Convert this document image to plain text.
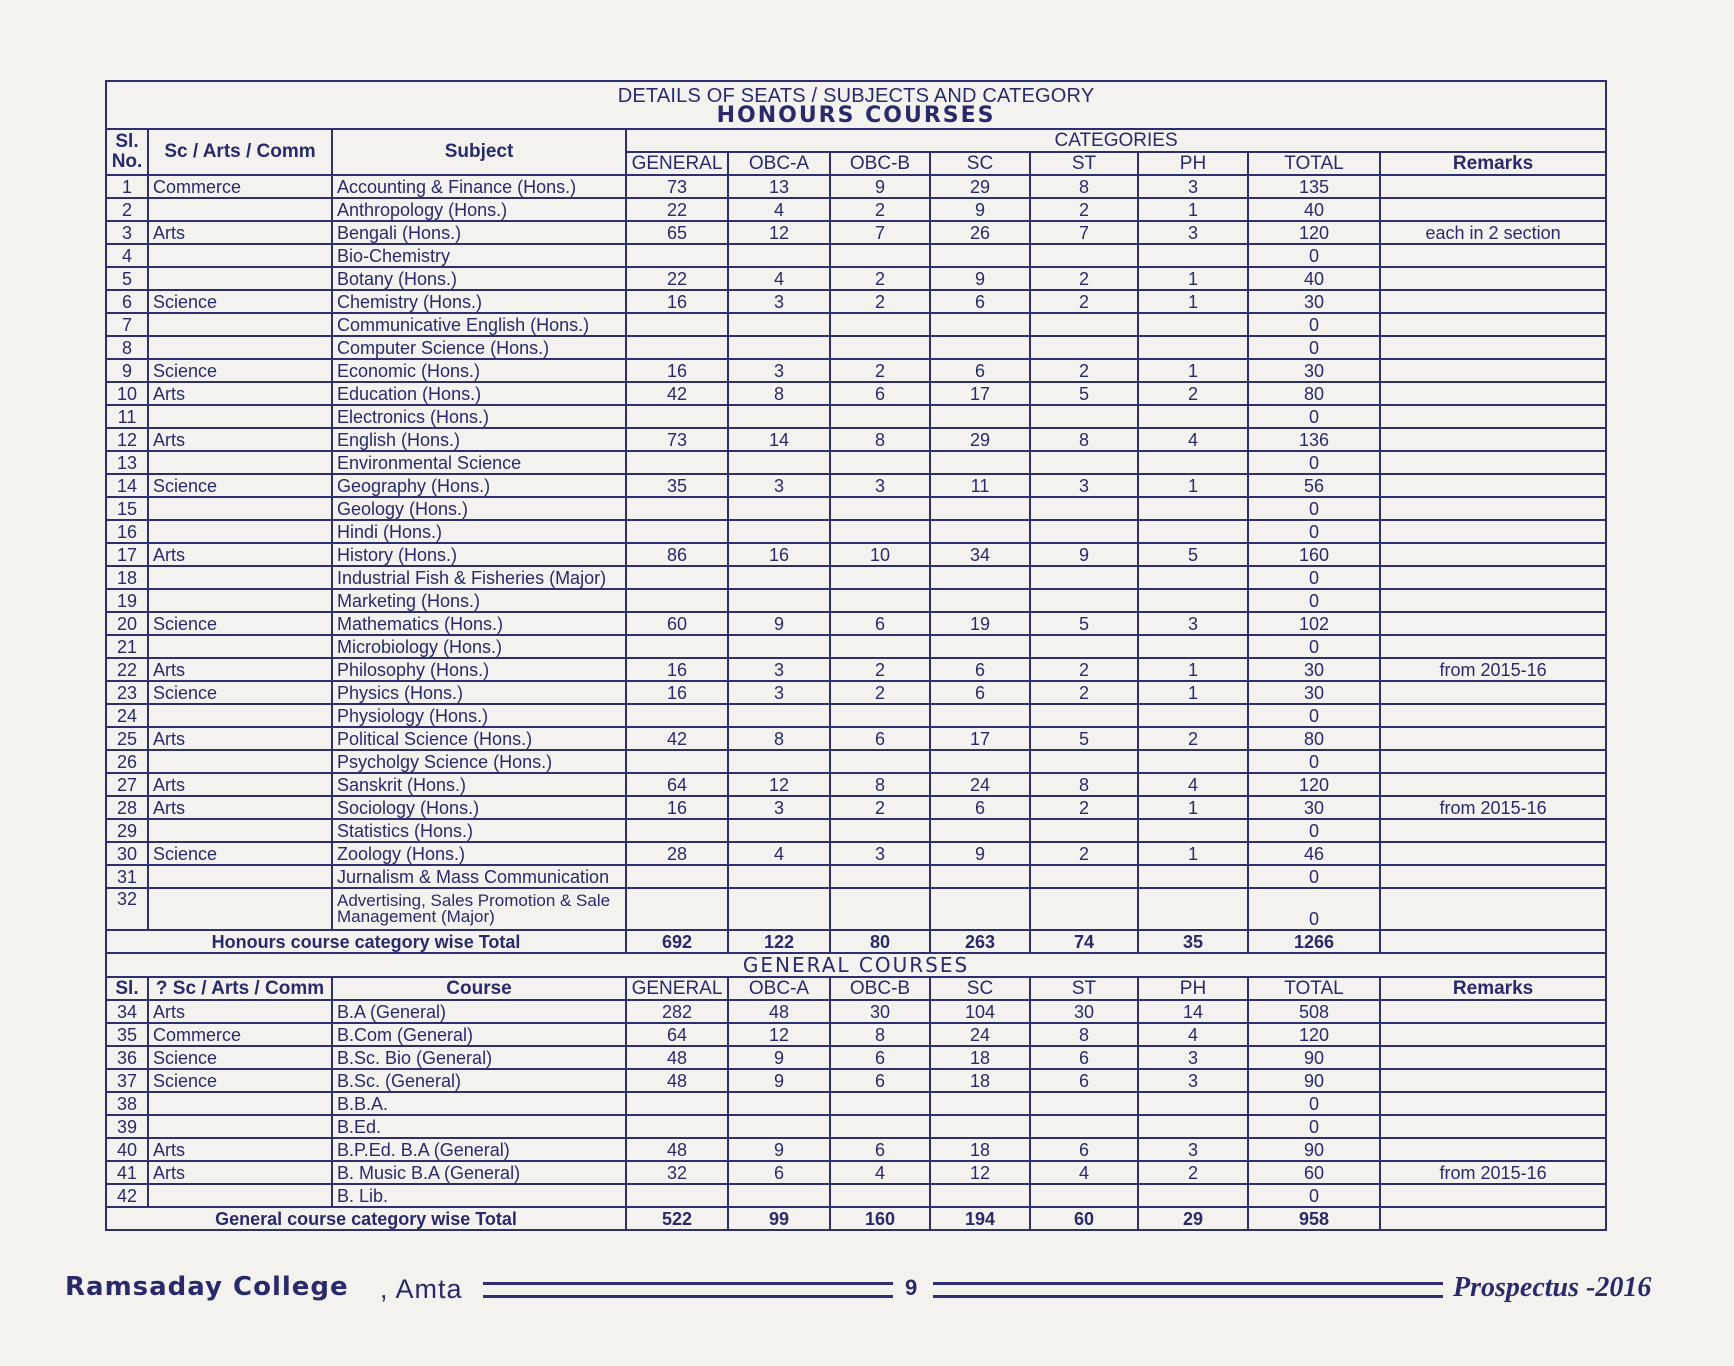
DETAILS OF SEATS / SUBJECTS AND CATEGORY
HONOURS COURSES										

Sl. No.	Sc / Arts / Comm	Subject	CATEGORIES							
			GENERAL	OBC-A	OBC-B	SC	ST	PH	TOTAL	Remarks
1	Commerce	Accounting & Finance (Hons.)	73	13	9	29	8	3	135	
2		Anthropology (Hons.)	22	4	2	9	2	1	40	
3	Arts	Bengali (Hons.)	65	12	7	26	7	3	120	each in 2 section
4		Bio-Chemistry							0	
5		Botany (Hons.)	22	4	2	9	2	1	40	
6	Science	Chemistry (Hons.)	16	3	2	6	2	1	30	
7		Communicative English (Hons.)							0	
8		Computer Science (Hons.)							0	
9	Science	Economic (Hons.)	16	3	2	6	2	1	30	
10	Arts	Education (Hons.)	42	8	6	17	5	2	80	
11		Electronics (Hons.)							0	
12	Arts	English (Hons.)	73	14	8	29	8	4	136	
13		Environmental Science							0	
14	Science	Geography (Hons.)	35	3	3	11	3	1	56	
15		Geology (Hons.)							0	
16		Hindi (Hons.)							0	
17	Arts	History (Hons.)	86	16	10	34	9	5	160	
18		Industrial Fish & Fisheries (Major)							0	
19		Marketing (Hons.)							0	
20	Science	Mathematics (Hons.)	60	9	6	19	5	3	102	
21		Microbiology (Hons.)							0	
22	Arts	Philosophy (Hons.)	16	3	2	6	2	1	30	from 2015-16
23	Science	Physics (Hons.)	16	3	2	6	2	1	30	
24		Physiology (Hons.)							0	
25	Arts	Political Science (Hons.)	42	8	6	17	5	2	80	
26		Psycholgy Science (Hons.)							0	
27	Arts	Sanskrit (Hons.)	64	12	8	24	8	4	120	
28	Arts	Sociology (Hons.)	16	3	2	6	2	1	30	from 2015-16
29		Statistics (Hons.)							0	
30	Science	Zoology (Hons.)	28	4	3	9	2	1	46	
31		Jurnalism & Mass Communication							0	
32		Advertising, Sales Promotion & Sale Management (Major)							0	
Honours course category wise Total			692	122	80	263	74	35	1266	
GENERAL COURSES										
Sl.	? Sc / Arts / Comm	Course	GENERAL	OBC-A	OBC-B	SC	ST	PH	TOTAL	Remarks
34	Arts	B.A (General)	282	48	30	104	30	14	508	
35	Commerce	B.Com (General)	64	12	8	24	8	4	120	
36	Science	B.Sc. Bio (General)	48	9	6	18	6	3	90	
37	Science	B.Sc. (General)	48	9	6	18	6	3	90	
38		B.B.A.							0	
39		B.Ed.							0	
40	Arts	B.P.Ed. B.A (General)	48	9	6	18	6	3	90	
41	Arts	B. Music B.A (General)	32	6	4	12	4	2	60	from 2015-16
42		B. Lib.							0	
General course category wise Total			522	99	160	194	60	29	958	
Ramsaday College , Amta	9	Prospectus -2016
